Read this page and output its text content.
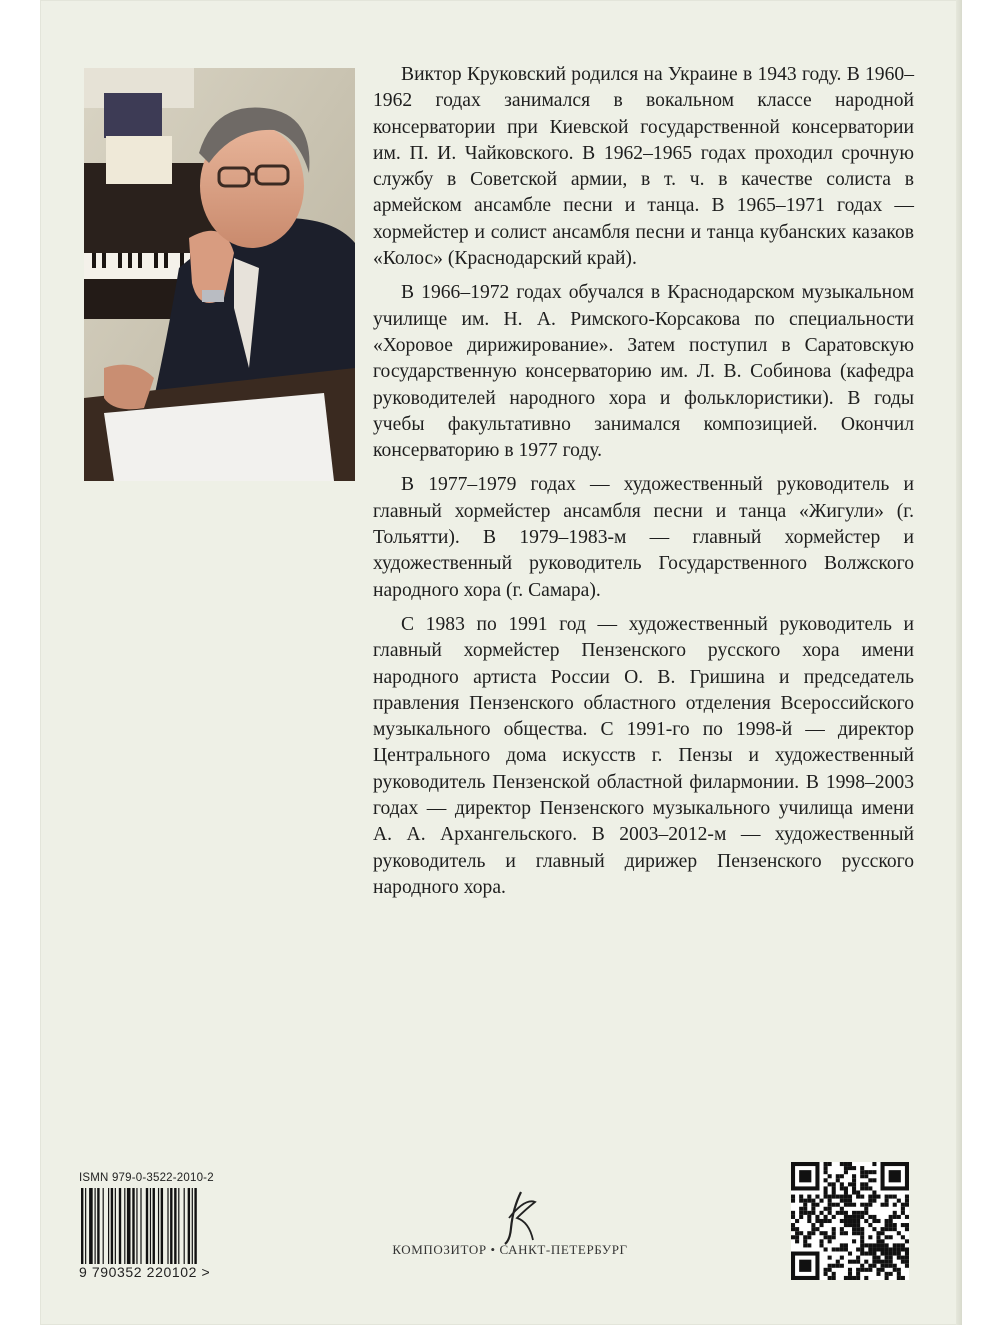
Виктор Круковский родился на Украине в 1943 году. В 1960–1962 годах занимался в вокальном классе народной консерватории при Киевской государственной консерватории им. П. И. Чайковского. В 1962–1965 годах проходил срочную службу в Советской армии, в т. ч. в качестве солиста в армейском ансамбле песни и танца. В 1965–1971 годах — хормейстер и солист ансамбля песни и танца кубанских казаков «Колос» (Краснодарский край).

В 1966–1972 годах обучался в Краснодарском музыкальном училище им. Н. А. Римского-Корсакова по специальности «Хоровое дирижирование». Затем поступил в Саратовскую государственную консерваторию им. Л. В. Собинова (кафедра руководителей народного хора и фольклористики). В годы учебы факультативно занимался композицией. Окончил консерваторию в 1977 году.

В 1977–1979 годах — художественный руководитель и главный хормейстер ансамбля песни и танца «Жигули» (г. Тольятти). В 1979–1983-м — главный хормейстер и художественный руководитель Государственного Волжского народного хора (г. Самара).

С 1983 по 1991 год — художественный руководитель и главный хормейстер Пензенского русского хора имени народного артиста России О. В. Гришина и председатель правления Пензенского областного отделения Всероссийского музыкального общества. С 1991-го по 1998-й — директор Центрального дома искусств г. Пензы и художественный руководитель Пензенской областной филармонии. В 1998–2003 годах — директор Пензенского музыкального училища имени А. А. Архангельского. В 2003–2012-м — художественный руководитель и главный дирижер Пензенского русского народного хора.

ISMN 979-0-3522-2010-2
9 790352 220102 >
КОМПОЗИТОР • САНКТ-ПЕТЕРБУРГ
